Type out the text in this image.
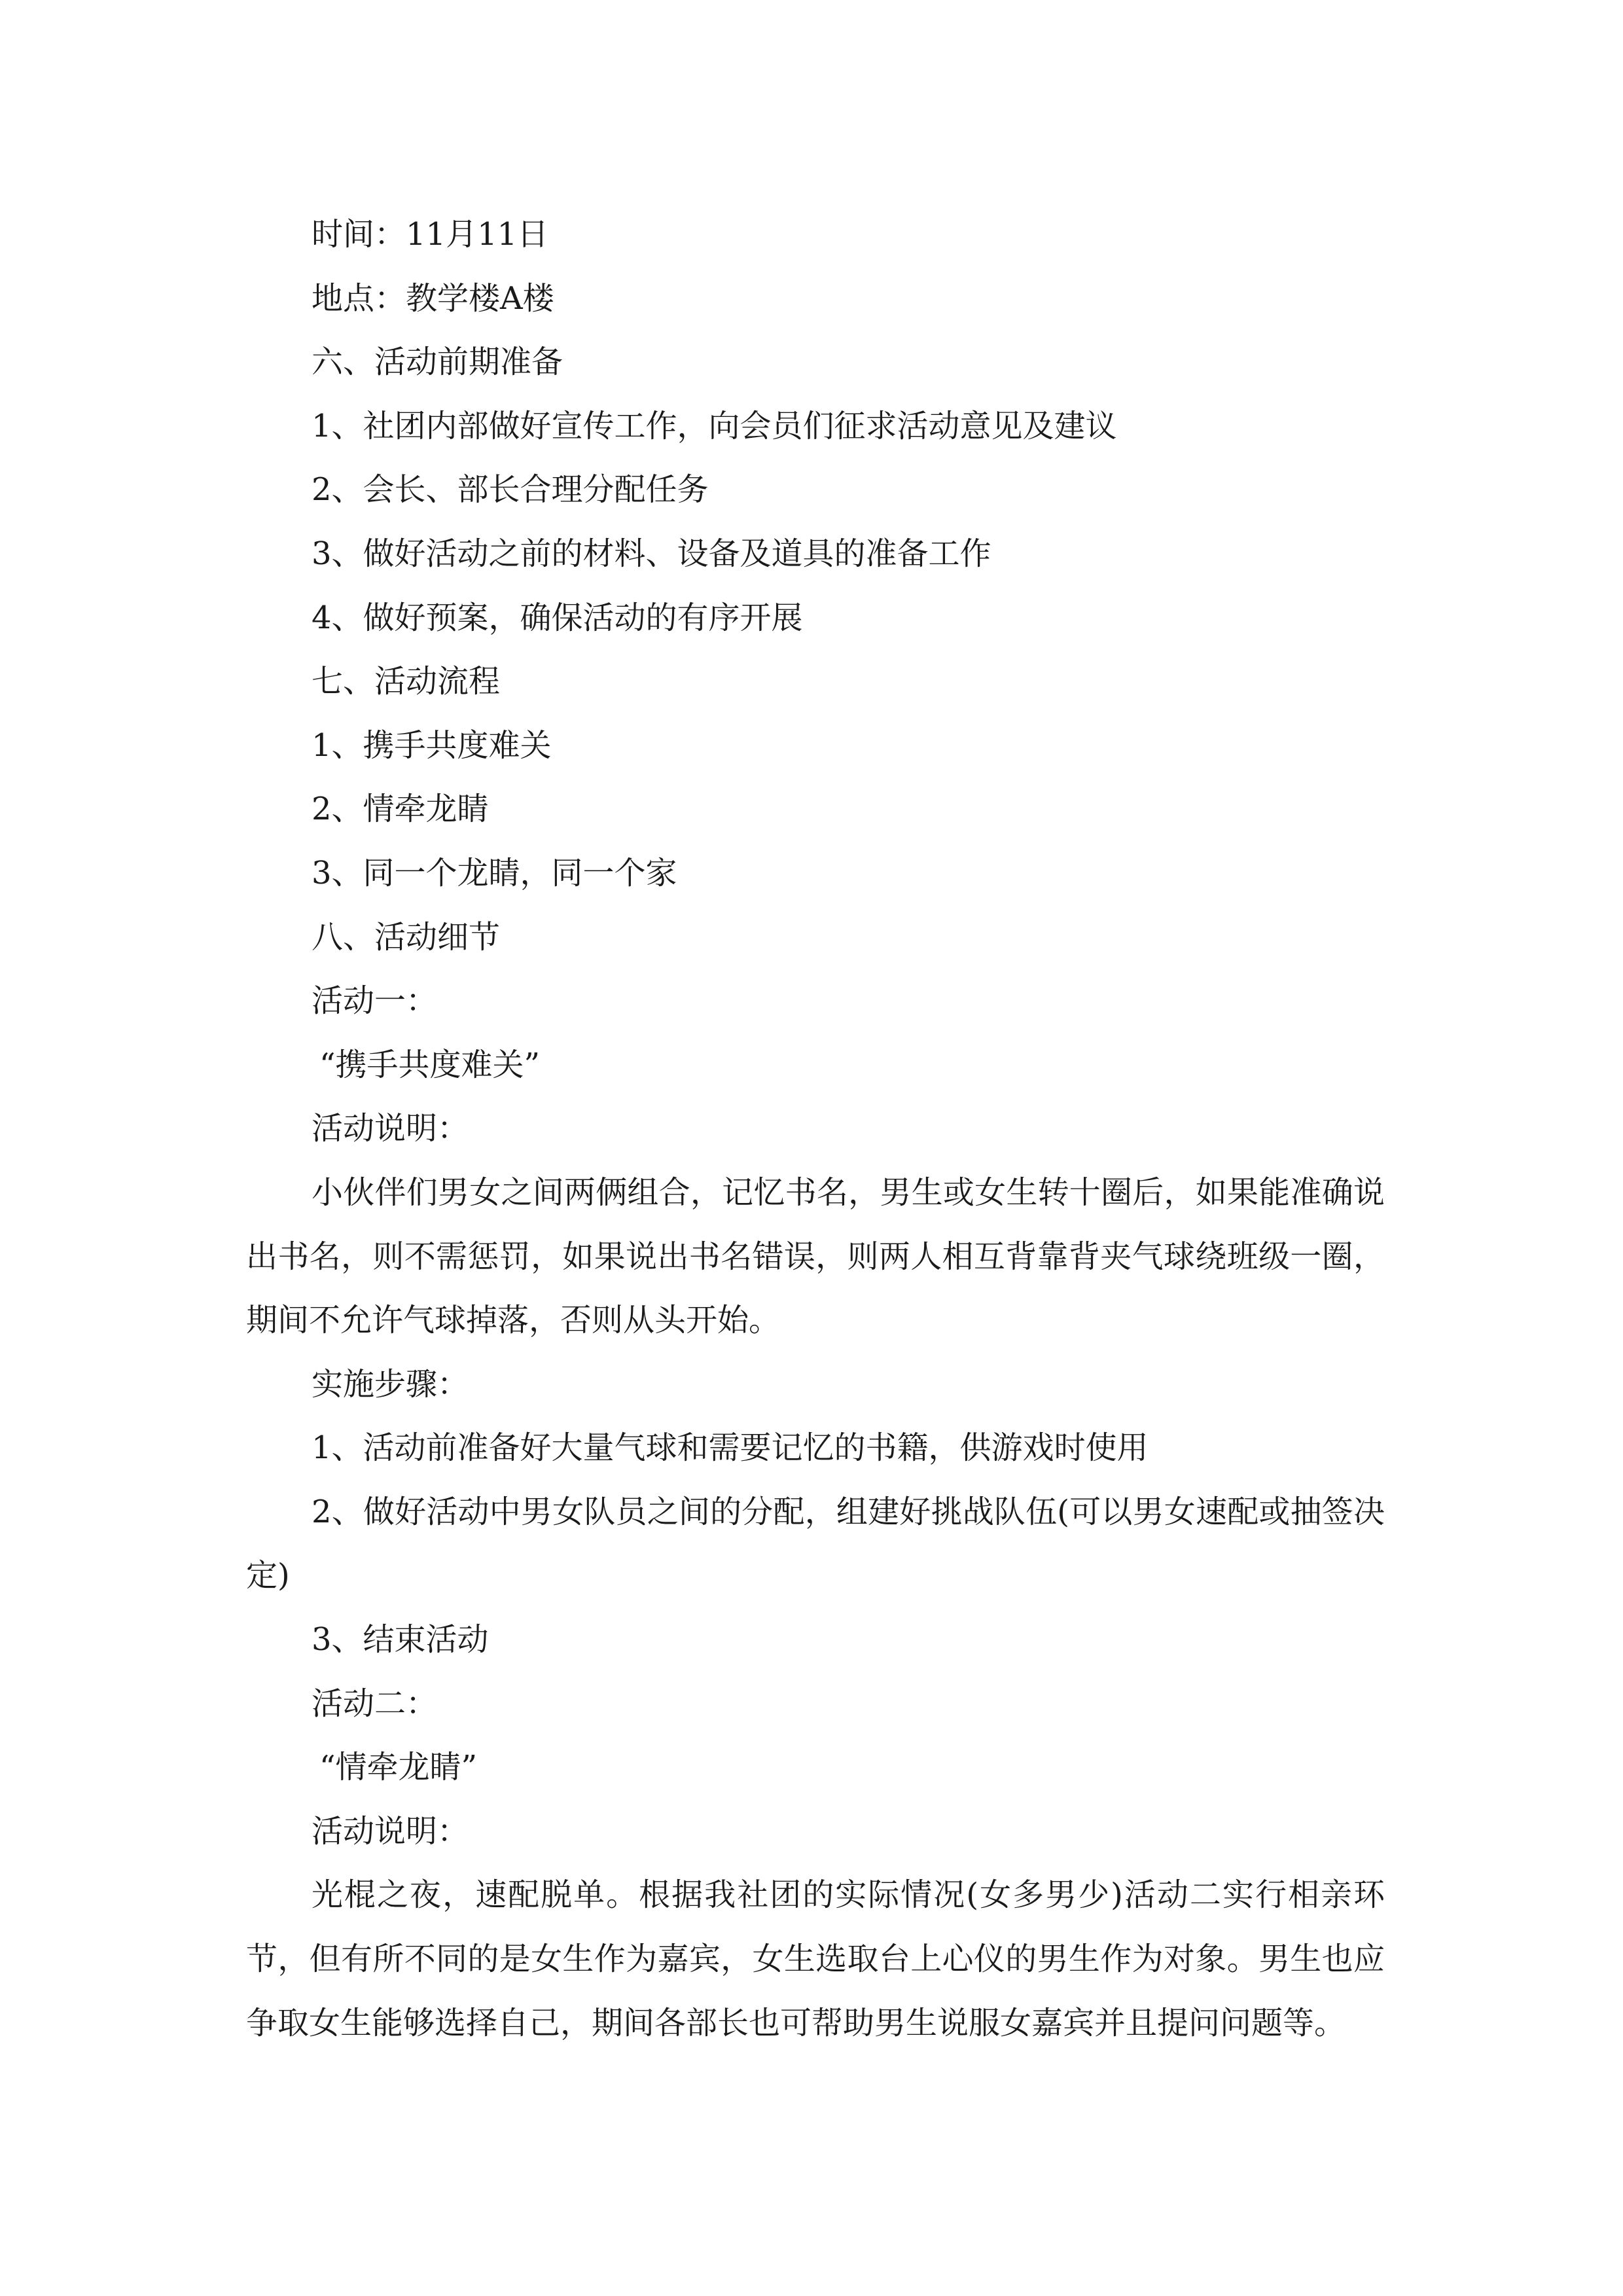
时间：11月11日
地点：教学楼A楼
六、活动前期准备
1、社团内部做好宣传工作，向会员们征求活动意见及建议
2、会长、部长合理分配任务
3、做好活动之前的材料、设备及道具的准备工作
4、做好预案，确保活动的有序开展
七、活动流程
1、携手共度难关
2、情牵龙睛
3、同一个龙睛，同一个家
八、活动细节
活动一：
“携手共度难关”
活动说明：
小伙伴们男女之间两俩组合，记忆书名，男生或女生转十圈后，如果能准确说出书名，则不需惩罚，如果说出书名错误，则两人相互背靠背夹气球绕班级一圈，期间不允许气球掉落，否则从头开始。
实施步骤：
1、活动前准备好大量气球和需要记忆的书籍，供游戏时使用
2、做好活动中男女队员之间的分配，组建好挑战队伍(可以男女速配或抽签决定)
3、结束活动
活动二：
“情牵龙睛”
活动说明：
光棍之夜，速配脱单。根据我社团的实际情况(女多男少)活动二实行相亲环节，但有所不同的是女生作为嘉宾，女生选取台上心仪的男生作为对象。男生也应争取女生能够选择自己，期间各部长也可帮助男生说服女嘉宾并且提问问题等。
